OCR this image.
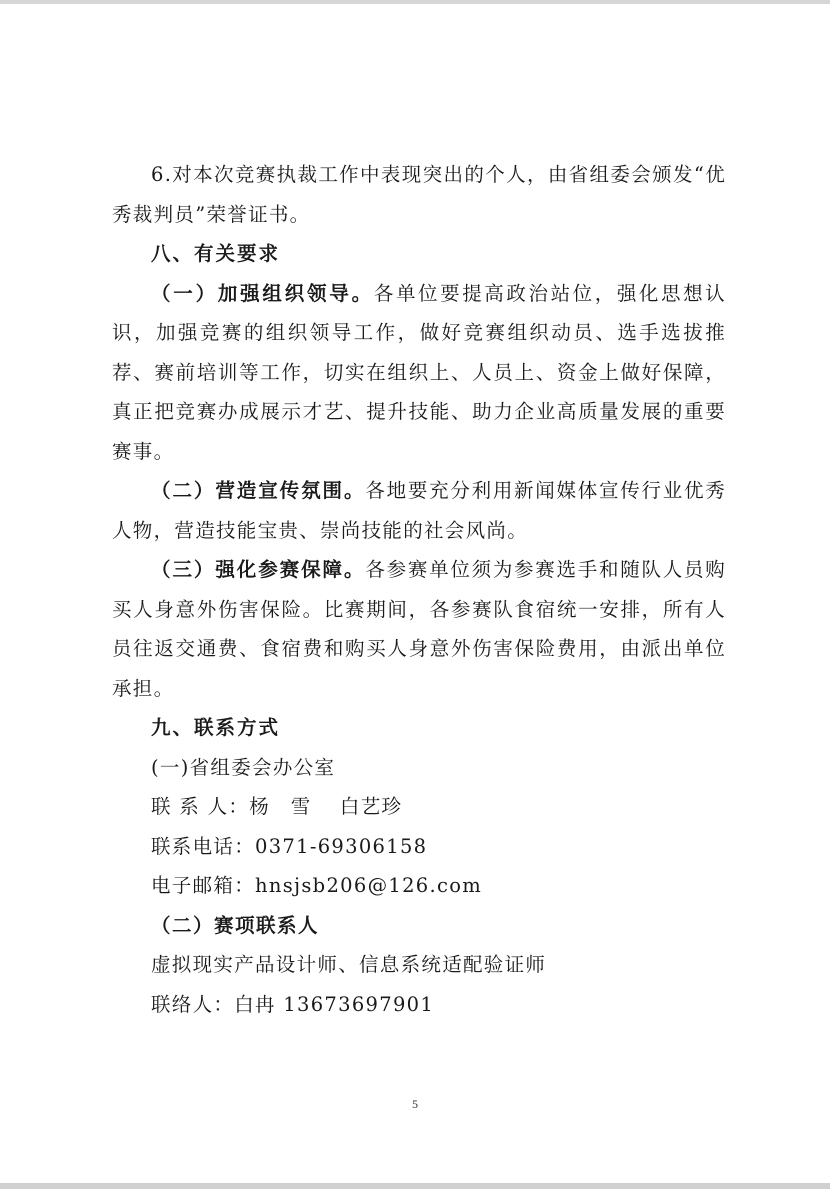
6.对本次竞赛执裁工作中表现突出的个人，由省组委会颁发“优秀裁判员”荣誉证书。

八、有关要求

（一）加强组织领导。各单位要提高政治站位，强化思想认识，加强竞赛的组织领导工作，做好竞赛组织动员、选手选拔推荐、赛前培训等工作，切实在组织上、人员上、资金上做好保障，真正把竞赛办成展示才艺、提升技能、助力企业高质量发展的重要赛事。

（二）营造宣传氛围。各地要充分利用新闻媒体宣传行业优秀人物，营造技能宝贵、崇尚技能的社会风尚。

（三）强化参赛保障。各参赛单位须为参赛选手和随队人员购买人身意外伤害保险。比赛期间，各参赛队食宿统一安排，所有人员往返交通费、食宿费和购买人身意外伤害保险费用，由派出单位承担。

九、联系方式

(一)省组委会办公室

联 系 人：杨　雪　 白艺珍

联系电话：0371-69306158

电子邮箱：hnsjsb206@126.com

（二）赛项联系人

虚拟现实产品设计师、信息系统适配验证师

联络人：白冉 13673697901

5
